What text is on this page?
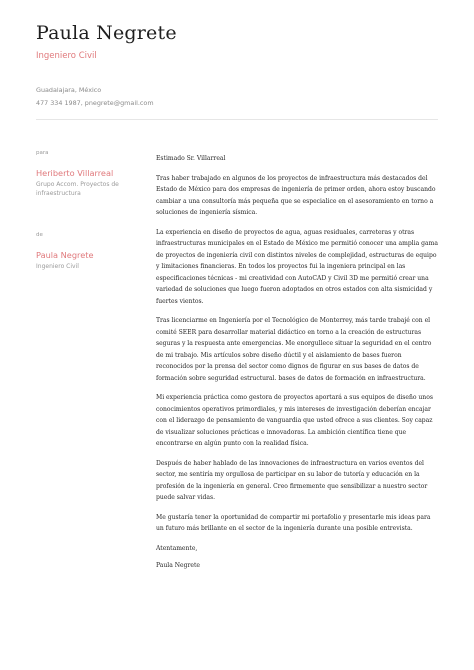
Paula Negrete
Ingeniero Civil
Guadalajara, México
477 334 1987, pnegrete@gmail.com
para
Heriberto Villarreal
Grupo Accom. Proyectos de infraestructura
de
Paula Negrete
Ingeniero Civil

Estimado Sr. Villarreal

Tras haber trabajado en algunos de los proyectos de infraestructura más destacados del Estado de México para dos empresas de ingeniería de primer orden, ahora estoy buscando cambiar a una consultoría más pequeña que se especialice en el asesoramiento en torno a soluciones de ingeniería sísmica.

La experiencia en diseño de proyectos de agua, aguas residuales, carreteras y otras infraestructuras municipales en el Estado de México me permitió conocer una amplia gama de proyectos de ingeniería civil con distintos niveles de complejidad, estructuras de equipo y limitaciones financieras. En todos los proyectos fui la ingeniera principal en las especificaciones técnicas - mi creatividad con AutoCAD y Civil 3D me permitió crear una variedad de soluciones que luego fueron adoptados en otros estados con alta sismicidad y fuertes vientos.

Tras licenciarme en Ingeniería por el Tecnológico de Monterrey, más tarde trabajé con el comité SEER para desarrollar material didáctico en torno a la creación de estructuras seguras y la respuesta ante emergencias. Me enorgullece situar la seguridad en el centro de mi trabajo. Mis artículos sobre diseño dúctil y el aislamiento de bases fueron reconocidos por la prensa del sector como dignos de figurar en sus bases de datos de formación sobre seguridad estructural. bases de datos de formación en infraestructura.

Mi experiencia práctica como gestora de proyectos aportará a sus equipos de diseño unos conocimientos operativos primordiales, y mis intereses de investigación deberían encajar con el liderazgo de pensamiento de vanguardia que usted ofrece a sus clientes. Soy capaz de visualizar soluciones prácticas e innovadoras. La ambición científica tiene que encontrarse en algún punto con la realidad física.

Después de haber hablado de las innovaciones de infraestructura en varios eventos del sector, me sentiría my orgullosa de participar en su labor de tutoría y educación en la profesión de la ingeniería en general. Creo firmemente que sensibilizar a nuestro sector puede salvar vidas.

Me gustaría tener la oportunidad de compartir mi portafolio y presentarle mis ideas para un futuro más brillante en el sector de la ingeniería durante una posible entrevista.

Atentamente,

Paula Negrete
